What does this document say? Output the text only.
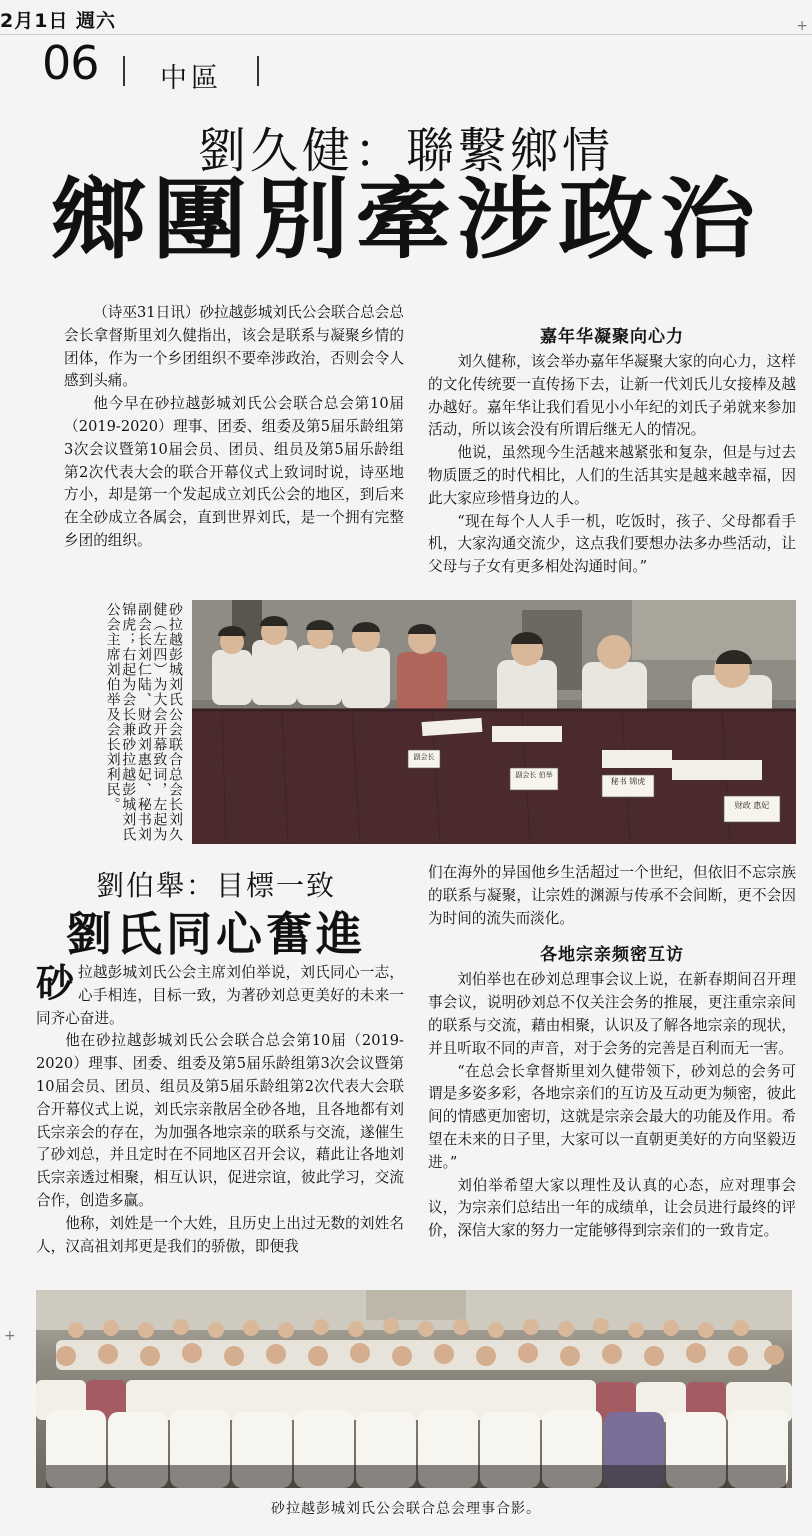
2月1日 週六	+
06 中區
劉久健：聯繫鄉情
鄉團別牽涉政治

（诗巫31日讯）砂拉越彭城刘氏公会联合总会总会长拿督斯里刘久健指出，该会是联系与凝聚乡情的团体，作为一个乡团组织不要牵涉政治，否则会令人感到头痛。

他今早在砂拉越彭城刘氏公会联合总会第10届（2019-2020）理事、团委、组委及第5届乐龄组第3次会议暨第10届会员、团员、组员及第5届乐龄组第2次代表大会的联合开幕仪式上致词时说，诗巫地方小，却是第一个发起成立刘氏公会的地区，到后来在全砂成立各属会，直到世界刘氏，是一个拥有完整乡团的组织。

嘉年华凝聚向心力

刘久健称，该会举办嘉年华凝聚大家的向心力，这样的文化传统要一直传扬下去，让新一代刘氏儿女接棒及越办越好。嘉年华让我们看见小小年纪的刘氏子弟就来参加活动，所以该会没有所谓后继无人的情况。

他说，虽然现今生活越来越紧张和复杂，但是与过去物质匮乏的时代相比，人们的生活其实是越来越幸福，因此大家应珍惜身边的人。

“现在每个人人手一机，吃饭时，孩子、父母都看手机，大家沟通交流少，这点我们要想办法多办些活动，让父母与子女有更多相处沟通时间。”

砂拉越彭城刘氏公会联合总会长刘久健（左四）为大会开幕致词，左起为副会长刘仁陆、财政刘惠妃、秘书刘锦虎；右起为会长兼砂拉越彭城刘氏公会主席刘伯举及会长刘利民。	秘书 锦虎
财政 惠妃
副会长
副会长 伯举
劉伯舉：目標一致
劉氏同心奮進

砂拉越彭城刘氏公会主席刘伯举说，刘氏同心一志，心手相连，目标一致，为著砂刘总更美好的未来一同齐心奋进。

他在砂拉越彭城刘氏公会联合总会第10届（2019-2020）理事、团委、组委及第5届乐龄组第3次会议暨第10届会员、团员、组员及第5届乐龄组第2次代表大会联合开幕仪式上说，刘氏宗亲散居全砂各地，且各地都有刘氏宗亲会的存在，为加强各地宗亲的联系与交流，遂催生了砂刘总，并且定时在不同地区召开会议，藉此让各地刘氏宗亲透过相聚，相互认识，促进宗谊，彼此学习，交流合作，创造多赢。

他称，刘姓是一个大姓，且历史上出过无数的刘姓名人，汉高祖刘邦更是我们的骄傲，即便我

们在海外的异国他乡生活超过一个世纪，但依旧不忘宗族的联系与凝聚，让宗姓的渊源与传承不会间断，更不会因为时间的流失而淡化。

各地宗亲频密互访

刘伯举也在砂刘总理事会议上说，在新春期间召开理事会议，说明砂刘总不仅关注会务的推展，更注重宗亲间的联系与交流，藉由相聚，认识及了解各地宗亲的现状，并且听取不同的声音，对于会务的完善是百利而无一害。

“在总会长拿督斯里刘久健带领下，砂刘总的会务可谓是多姿多彩，各地宗亲们的互访及互动更为频密，彼此间的情感更加密切，这就是宗亲会最大的功能及作用。希望在未来的日子里，大家可以一直朝更美好的方向坚毅迈进。”

刘伯举希望大家以理性及认真的心态，应对理事会议，为宗亲们总结出一年的成绩单，让会员进行最终的评价，深信大家的努力一定能够得到宗亲们的一致肯定。

+
砂拉越彭城刘氏公会联合总会理事合影。
